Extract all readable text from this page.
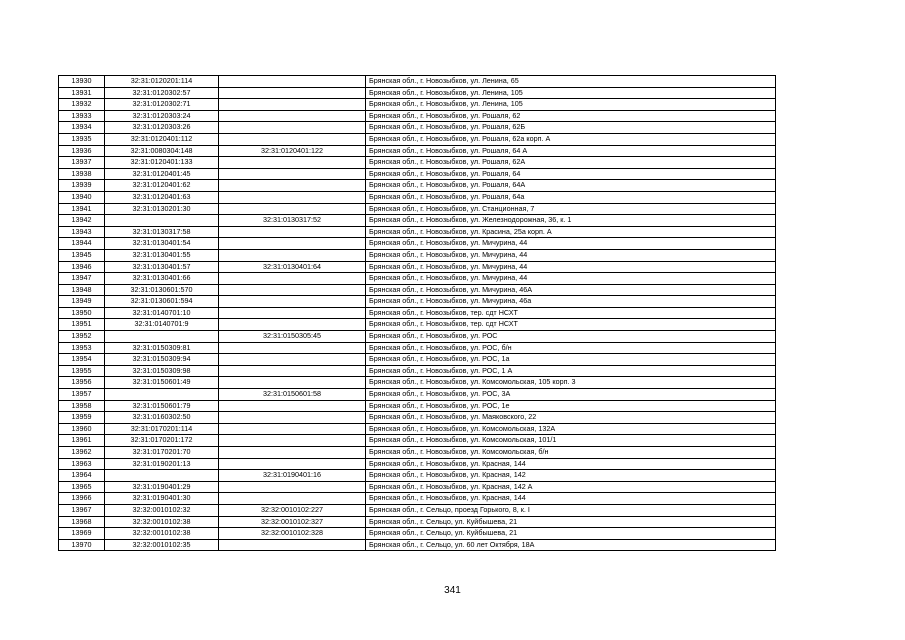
13930	32:31:0120201:114		Брянская обл., г. Новозыбков, ул. Ленина, 65
13931	32:31:0120302:57		Брянская обл., г. Новозыбков, ул. Ленина, 105
13932	32:31:0120302:71		Брянская обл., г. Новозыбков, ул. Ленина, 105
13933	32:31:0120303:24		Брянская обл., г. Новозыбков, ул. Рошаля, 62
13934	32:31:0120303:26		Брянская обл., г. Новозыбков, ул. Рошаля, 62Б
13935	32:31:0120401:112		Брянская обл., г. Новозыбков, ул. Рошаля, 62а корп. А
13936	32:31:0080304:148	32:31:0120401:122	Брянская обл., г. Новозыбков, ул. Рошаля, 64 А
13937	32:31:0120401:133		Брянская обл., г. Новозыбков, ул. Рошаля, 62А
13938	32:31:0120401:45		Брянская обл., г. Новозыбков, ул. Рошаля, 64
13939	32:31:0120401:62		Брянская обл., г. Новозыбков, ул. Рошаля, 64А
13940	32:31:0120401:63		Брянская обл., г. Новозыбков, ул. Рошаля, 64а
13941	32:31:0130201:30		Брянская обл., г. Новозыбков, ул. Станционная, 7
13942		32:31:0130317:52	Брянская обл., г. Новозыбков, ул. Железнодорожная, 36, к. 1
13943	32:31:0130317:58		Брянская обл., г. Новозыбков, ул. Красина, 25а корп. А
13944	32:31:0130401:54		Брянская обл., г. Новозыбков, ул. Мичурина, 44
13945	32:31:0130401:55		Брянская обл., г. Новозыбков, ул. Мичурина, 44
13946	32:31:0130401:57	32:31:0130401:64	Брянская обл., г. Новозыбков, ул. Мичурина, 44
13947	32:31:0130401:66		Брянская обл., г. Новозыбков, ул. Мичурина, 44
13948	32:31:0130601:570		Брянская обл., г. Новозыбков, ул. Мичурина, 46А
13949	32:31:0130601:594		Брянская обл., г. Новозыбков, ул. Мичурина, 46а
13950	32:31:0140701:10		Брянская обл., г. Новозыбков, тер. сдт НСХТ
13951	32:31:0140701:9		Брянская обл., г. Новозыбков, тер. сдт НСХТ
13952		32:31:0150305:45	Брянская обл., г. Новозыбков, ул. РОС
13953	32:31:0150309:81		Брянская обл., г. Новозыбков, ул. РОС, б/н
13954	32:31:0150309:94		Брянская обл., г. Новозыбков, ул. РОС, 1а
13955	32:31:0150309:98		Брянская обл., г. Новозыбков, ул. РОС, 1 А
13956	32:31:0150601:49		Брянская обл., г. Новозыбков, ул. Комсомольская, 105 корп. 3
13957		32:31:0150601:58	Брянская обл., г. Новозыбков, ул. РОС, 3А
13958	32:31:0150601:79		Брянская обл., г. Новозыбков, ул. РОС, 1е
13959	32:31:0160302:50		Брянская обл., г. Новозыбков, ул. Маяковского, 22
13960	32:31:0170201:114		Брянская обл., г. Новозыбков, ул. Комсомольская, 132А
13961	32:31:0170201:172		Брянская обл., г. Новозыбков, ул. Комсомольская, 101/1
13962	32:31:0170201:70		Брянская обл., г. Новозыбков, ул. Комсомольская, б/н
13963	32:31:0190201:13		Брянская обл., г. Новозыбков, ул. Красная, 144
13964		32:31:0190401:16	Брянская обл., г. Новозыбков, ул. Красная, 142
13965	32:31:0190401:29		Брянская обл., г. Новозыбков, ул. Красная, 142 А
13966	32:31:0190401:30		Брянская обл., г. Новозыбков, ул. Красная, 144
13967	32:32:0010102:32	32:32:0010102:227	Брянская обл., г. Сельцо, проезд Горького, 8, к. I
13968	32:32:0010102:38	32:32:0010102:327	Брянская обл., г. Сельцо, ул. Куйбышева, 21
13969	32:32:0010102:38	32:32:0010102:328	Брянская обл., г. Сельцо, ул. Куйбышева, 21
13970	32:32:0010102:35		Брянская обл., г. Сельцо, ул. 60 лет Октября, 18А
341
